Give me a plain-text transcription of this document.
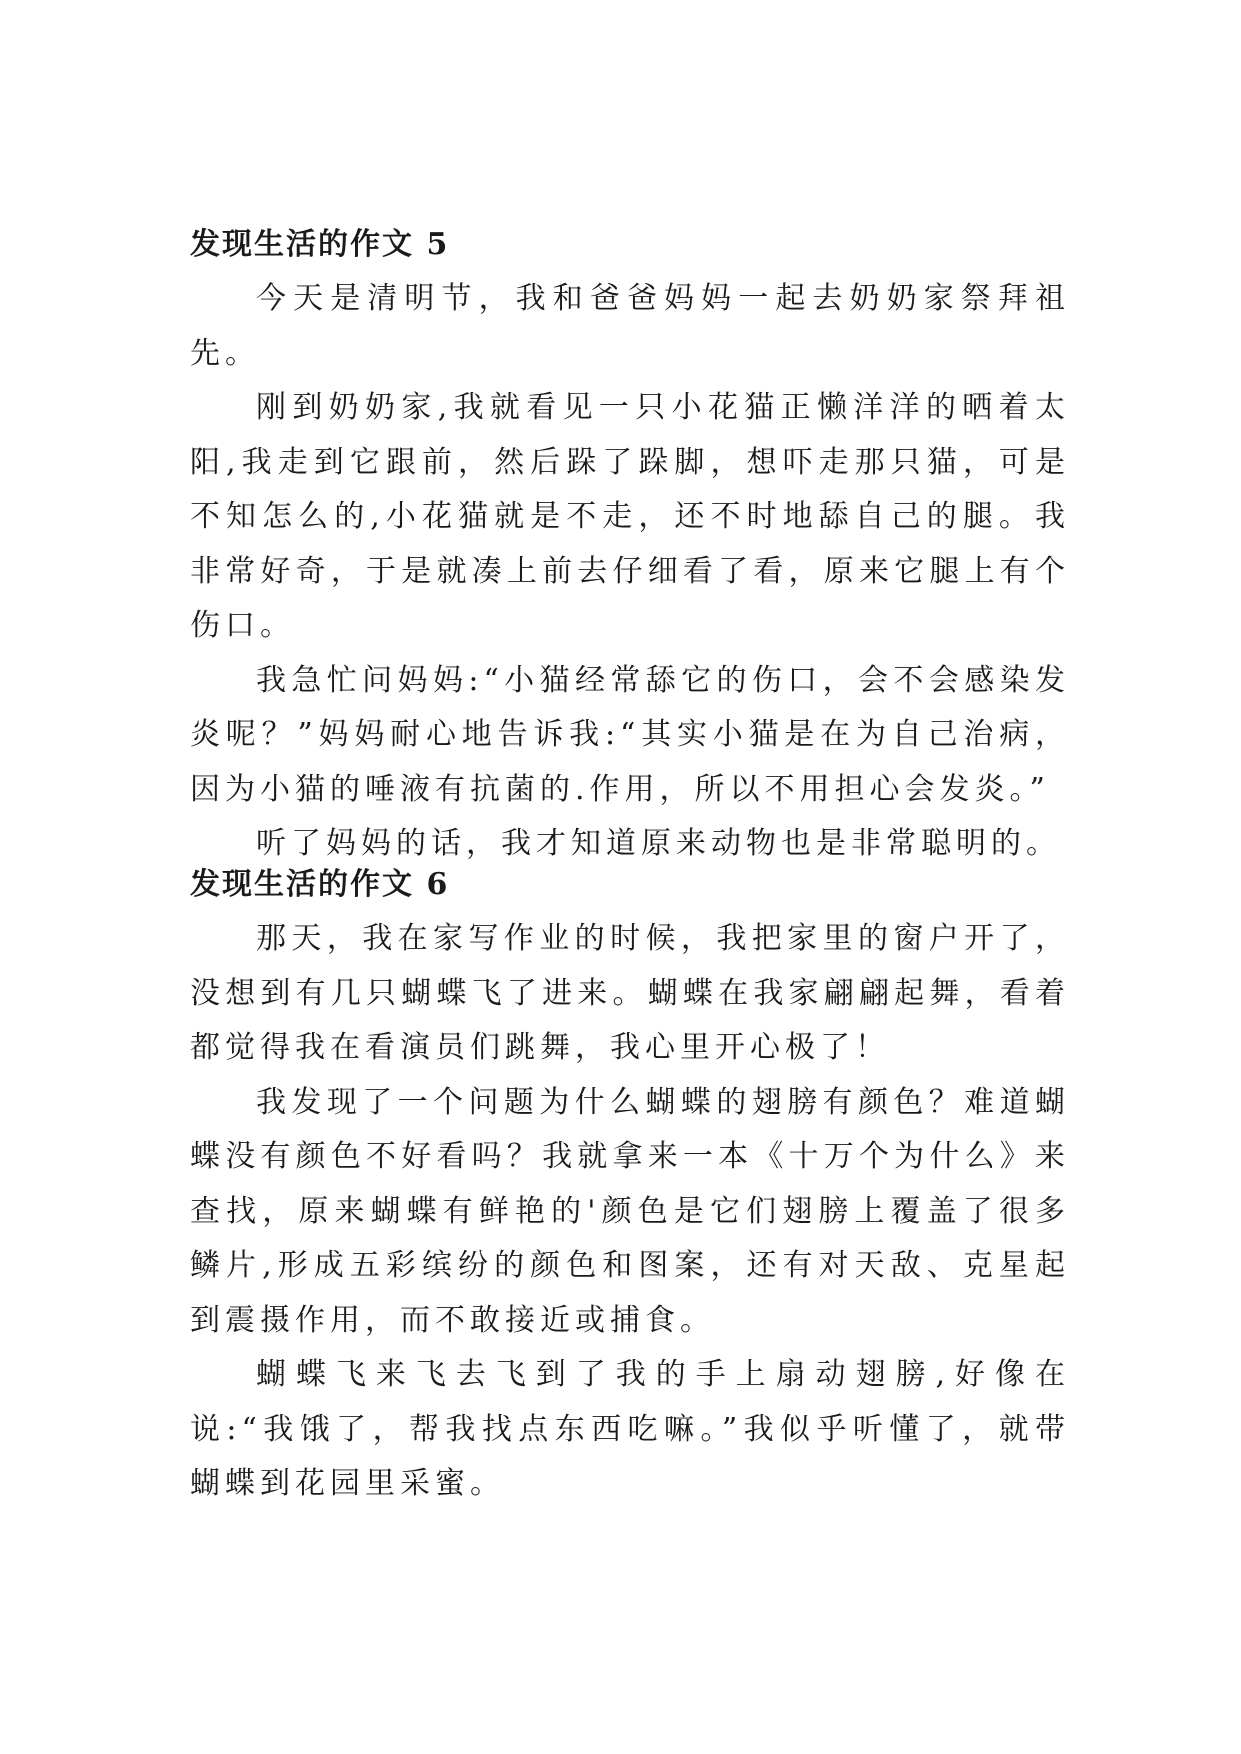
发现生活的作文 5

今天是清明节，我和爸爸妈妈一起去奶奶家祭拜祖先。

刚到奶奶家,我就看见一只小花猫正懒洋洋的晒着太阳,我走到它跟前，然后跺了跺脚，想吓走那只猫，可是不知怎么的,小花猫就是不走，还不时地舔自己的腿。我非常好奇，于是就凑上前去仔细看了看，原来它腿上有个伤口。

我急忙问妈妈:“小猫经常舔它的伤口，会不会感染发炎呢？”妈妈耐心地告诉我:“其实小猫是在为自己治病，因为小猫的唾液有抗菌的.作用，所以不用担心会发炎。”

听了妈妈的话，我才知道原来动物也是非常聪明的。

发现生活的作文 6

那天，我在家写作业的时候，我把家里的窗户开了，没想到有几只蝴蝶飞了进来。蝴蝶在我家翩翩起舞，看着都觉得我在看演员们跳舞，我心里开心极了！

我发现了一个问题为什么蝴蝶的翅膀有颜色？难道蝴蝶没有颜色不好看吗？我就拿来一本《十万个为什么》来查找，原来蝴蝶有鲜艳的'颜色是它们翅膀上覆盖了很多鳞片,形成五彩缤纷的颜色和图案，还有对天敌、克星起到震摄作用，而不敢接近或捕食。

蝴蝶飞来飞去飞到了我的手上扇动翅膀,好像在说:“我饿了，帮我找点东西吃嘛。”我似乎听懂了，就带蝴蝶到花园里采蜜。
